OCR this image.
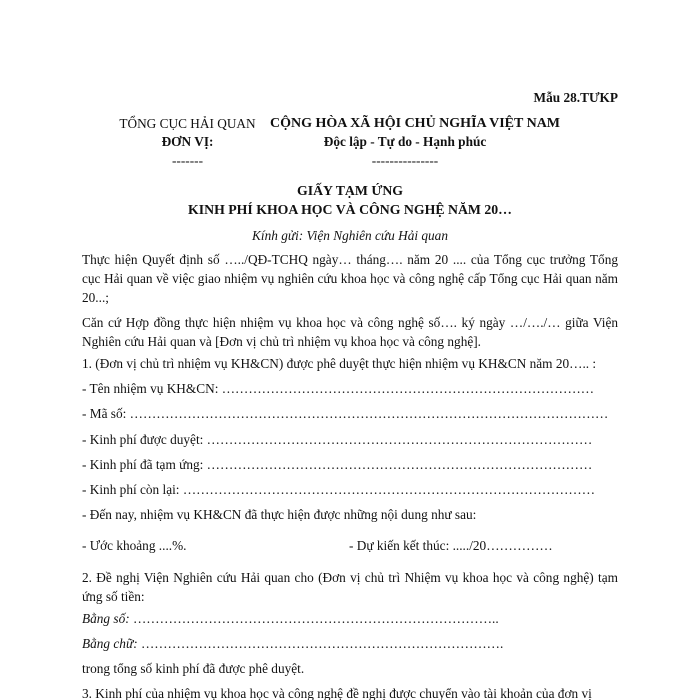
Mẫu 28.TƯKP
TỔNG CỤC HẢI QUAN
ĐƠN VỊ:
-------
CỘNG HÒA XÃ HỘI CHỦ NGHĨA VIỆT NAM
Độc lập - Tự do - Hạnh phúc
---------------
GIẤY TẠM ỨNG
KINH PHÍ KHOA HỌC VÀ CÔNG NGHỆ NĂM 20…
Kính gửi: Viện Nghiên cứu Hải quan
Thực hiện Quyết định số …../QĐ-TCHQ ngày… tháng…. năm 20 .... của Tổng cục trưởng Tổng cục Hải quan về việc giao nhiệm vụ nghiên cứu khoa học và công nghệ cấp Tổng cục Hải quan năm 20...;
Căn cứ Hợp đồng thực hiện nhiệm vụ khoa học và công nghệ số…. ký ngày …/…./… giữa Viện Nghiên cứu Hải quan và [Đơn vị chủ trì nhiệm vụ khoa học và công nghệ].
1. (Đơn vị chủ trì nhiệm vụ KH&CN) được phê duyệt thực hiện nhiệm vụ KH&CN năm 20….. :
- Tên nhiệm vụ KH&CN: …………………………………………………………………………
- Mã số: ………………………………………………………………………………………………
- Kinh phí được duyệt: ……………………………………………………………………………
- Kinh phí đã tạm ứng: ……………………………………………………………………………
- Kinh phí còn lại: …………………………………………………………………………………
- Đến nay, nhiệm vụ KH&CN đã thực hiện được những nội dung như sau:
- Ước khoảng ....%.	- Dự kiến kết thúc: ...../20……………
2. Đề nghị Viện Nghiên cứu Hải quan cho (Đơn vị chủ trì Nhiệm vụ khoa học và công nghệ) tạm ứng số tiền:
Bằng số: ………………………………………………………………………..
Bằng chữ: ……………………………………………………………………….
trong tổng số kinh phí đã được phê duyệt.
3. Kinh phí của nhiệm vụ khoa học và công nghệ đề nghị được chuyển vào tài khoản của đơn vị
